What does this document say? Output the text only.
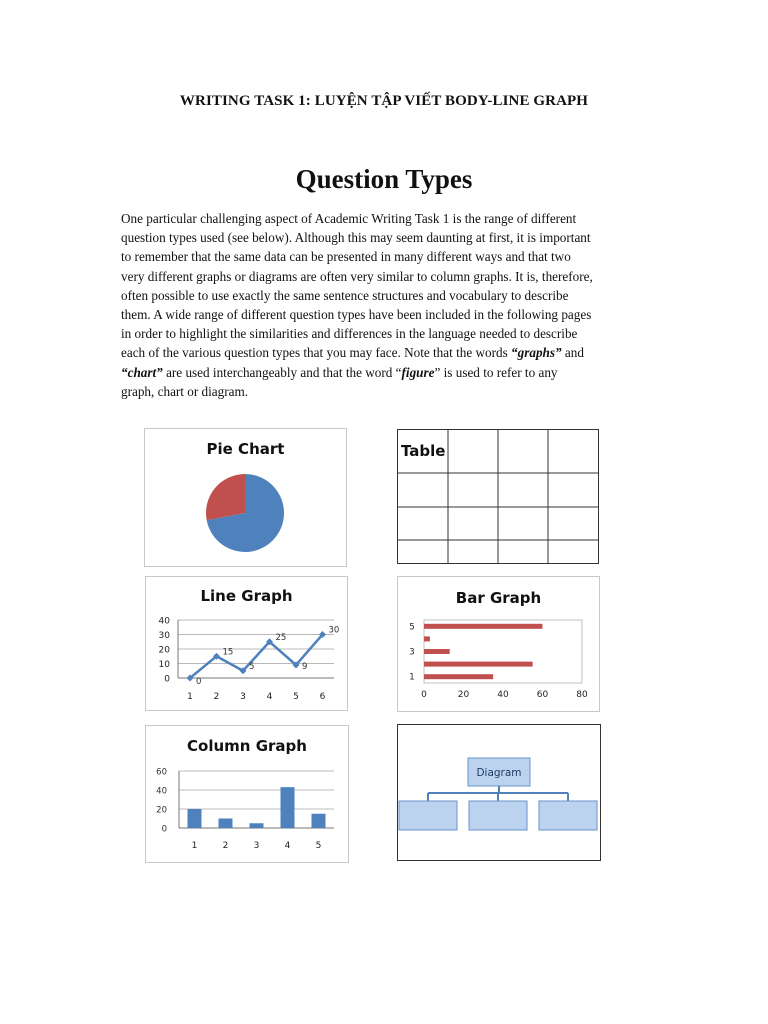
WRITING TASK 1: LUYỆN TẬP VIẾT BODY-LINE GRAPH
Question Types
One particular challenging aspect of Academic Writing Task 1 is the range of different
question types used (see below). Although this may seem daunting at first, it is important
to remember that the same data can be presented in many different ways and that two
very different graphs or diagrams are often very similar to column graphs. It is, therefore,
often possible to use exactly the same sentence structures and vocabulary to describe
them. A wide range of different question types have been included in the following pages
in order to highlight the similarities and differences in the language needed to describe
each of the various question types that you may face. Note that the words “graphs” and
“chart” are used interchangeably and that the word “figure” is used to refer to any
graph, chart or diagram.
Pie Chart	Table
Line Graph
0
10
20
30
40
0
15
5
25
9
30
1 2 3 4 5 6
Bar Graph
1
3
5
0	20	40	60	80
Column Graph
0
20
40
60
1	2	3	4	5
Diagram
